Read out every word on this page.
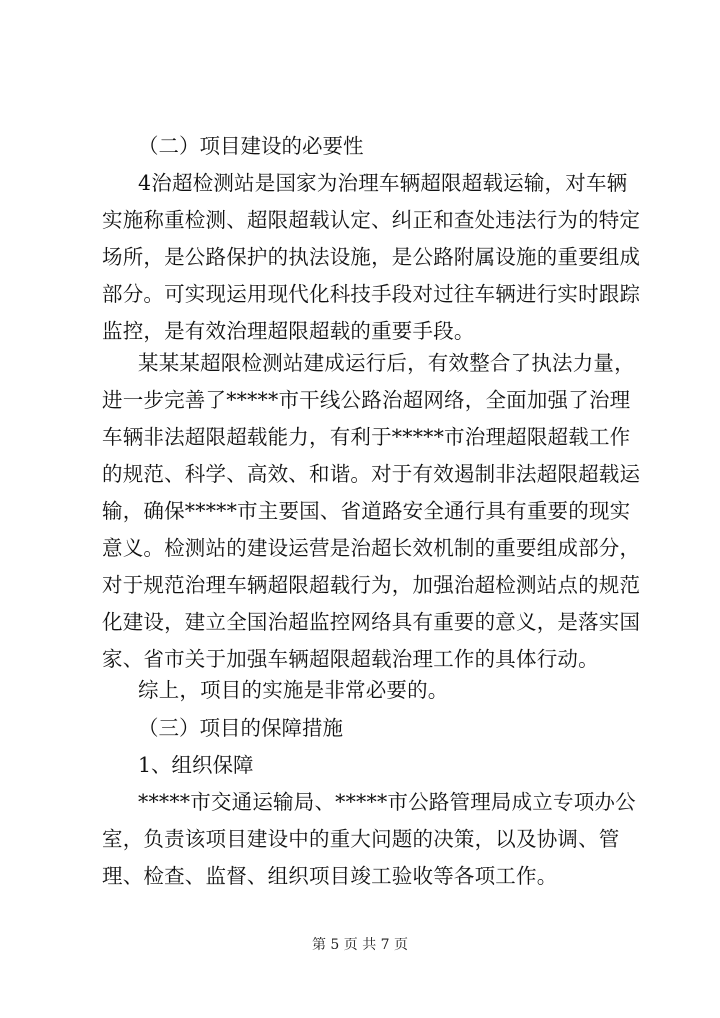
（二）项目建设的必要性

4治超检测站是国家为治理车辆超限超载运输，对车辆实施称重检测、超限超载认定、纠正和查处违法行为的特定场所，是公路保护的执法设施，是公路附属设施的重要组成部分。可实现运用现代化科技手段对过往车辆进行实时跟踪监控，是有效治理超限超载的重要手段。

某某某超限检测站建成运行后，有效整合了执法力量，进一步完善了*****市干线公路治超网络，全面加强了治理车辆非法超限超载能力，有利于*****市治理超限超载工作的规范、科学、高效、和谐。对于有效遏制非法超限超载运输，确保*****市主要国、省道路安全通行具有重要的现实意义。检测站的建设运营是治超长效机制的重要组成部分，对于规范治理车辆超限超载行为，加强治超检测站点的规范化建设，建立全国治超监控网络具有重要的意义，是落实国家、省市关于加强车辆超限超载治理工作的具体行动。

综上，项目的实施是非常必要的。

（三）项目的保障措施

1、组织保障

*****市交通运输局、*****市公路管理局成立专项办公室，负责该项目建设中的重大问题的决策，以及协调、管理、检查、监督、组织项目竣工验收等各项工作。

第 5 页 共 7 页
